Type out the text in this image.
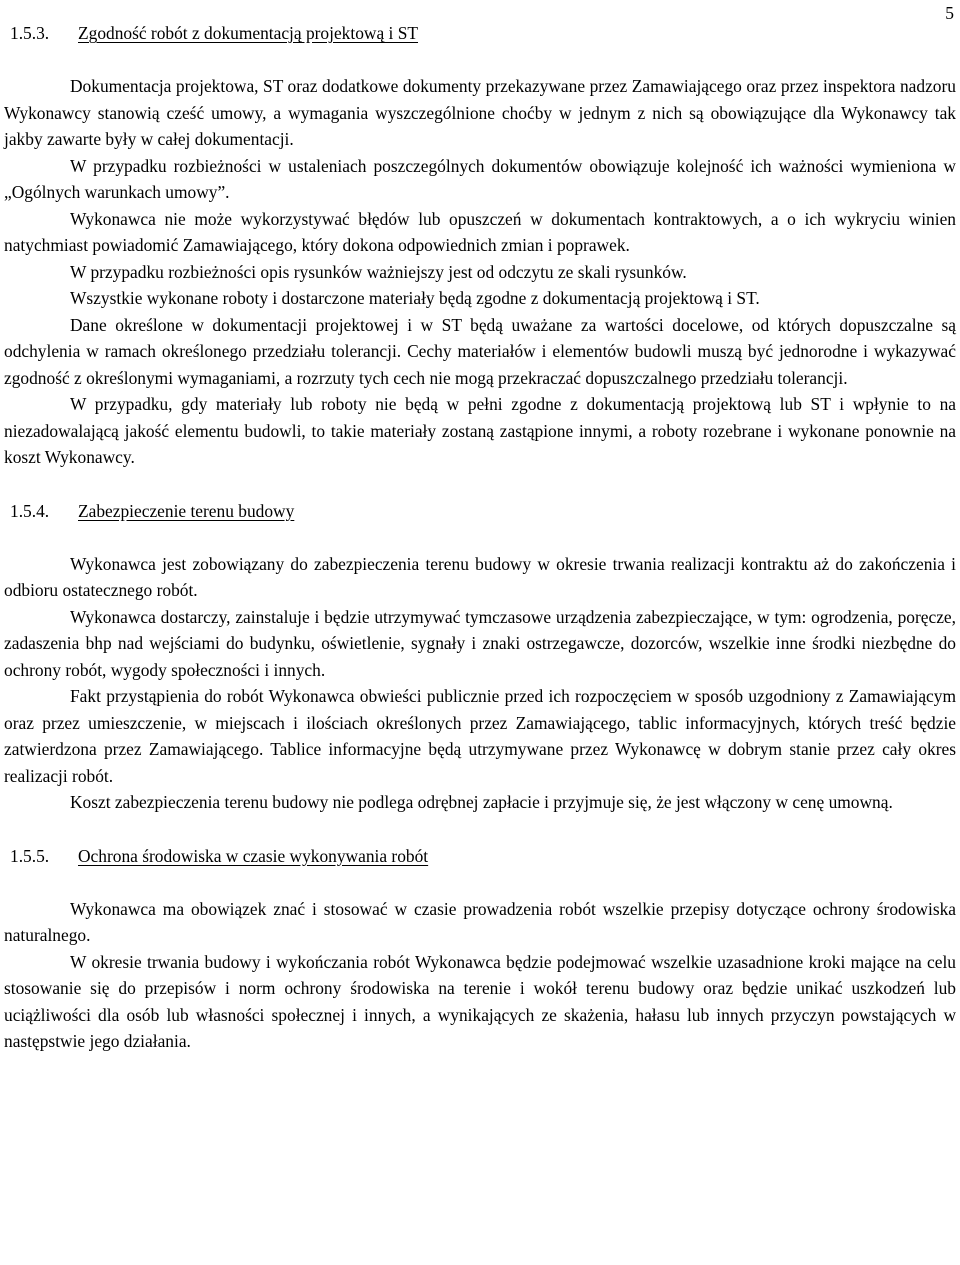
5
1.5.3.	Zgodność robót z dokumentacją projektową i ST

Dokumentacja projektowa, ST oraz dodatkowe dokumenty przekazywane przez Zamawiającego oraz przez inspektora nadzoru Wykonawcy stanowią cześć umowy, a wymagania wyszczególnione choćby w jednym z nich są obowiązujące dla Wykonawcy tak jakby zawarte były w całej dokumentacji.

W przypadku rozbieżności w ustaleniach poszczególnych dokumentów obowiązuje kolejność ich ważności wymieniona w „Ogólnych warunkach umowy”.

Wykonawca nie może wykorzystywać błędów lub opuszczeń w dokumentach kontraktowych, a o ich wykryciu winien natychmiast powiadomić Zamawiającego, który dokona odpowiednich zmian i poprawek.

W przypadku rozbieżności opis rysunków ważniejszy jest od odczytu ze skali rysunków.

Wszystkie wykonane roboty i dostarczone materiały będą zgodne z dokumentacją projektową i ST.

Dane określone w dokumentacji projektowej i w ST będą uważane za wartości docelowe, od których dopuszczalne są odchylenia w ramach określonego przedziału tolerancji. Cechy materiałów i elementów budowli muszą być jednorodne i wykazywać zgodność z określonymi wymaganiami, a rozrzuty tych cech nie mogą przekraczać dopuszczalnego przedziału tolerancji.

W przypadku, gdy materiały lub roboty nie będą w pełni zgodne z dokumentacją projektową lub ST i wpłynie to na niezadowalającą jakość elementu budowli, to takie materiały zostaną zastąpione innymi, a roboty rozebrane i wykonane ponownie na koszt Wykonawcy.

1.5.4.	Zabezpieczenie terenu budowy

Wykonawca jest zobowiązany do zabezpieczenia terenu budowy w okresie trwania realizacji kontraktu aż do zakończenia i odbioru ostatecznego robót.

Wykonawca dostarczy, zainstaluje i będzie utrzymywać tymczasowe urządzenia zabezpieczające, w tym: ogrodzenia, poręcze, zadaszenia bhp nad wejściami do budynku, oświetlenie, sygnały i znaki ostrzegawcze, dozorców, wszelkie inne środki niezbędne do ochrony robót, wygody społeczności i innych.

Fakt przystąpienia do robót Wykonawca obwieści publicznie przed ich rozpoczęciem w sposób uzgodniony z Zamawiającym oraz przez umieszczenie, w miejscach i ilościach określonych przez Zamawiającego, tablic informacyjnych, których treść będzie zatwierdzona przez Zamawiającego. Tablice informacyjne będą utrzymywane przez Wykonawcę w dobrym stanie przez cały okres realizacji robót.

Koszt zabezpieczenia terenu budowy nie podlega odrębnej zapłacie i przyjmuje się, że jest włączony w cenę umowną.

1.5.5.	Ochrona środowiska w czasie wykonywania robót

Wykonawca ma obowiązek znać i stosować w czasie prowadzenia robót wszelkie przepisy dotyczące ochrony środowiska naturalnego.

W okresie trwania budowy i wykończania robót Wykonawca będzie podejmować wszelkie uzasadnione kroki mające na celu stosowanie się do przepisów i norm ochrony środowiska na terenie i wokół terenu budowy oraz będzie unikać uszkodzeń lub uciążliwości dla osób lub własności społecznej i innych, a wynikających ze skażenia, hałasu lub innych przyczyn powstających w następstwie jego działania.
